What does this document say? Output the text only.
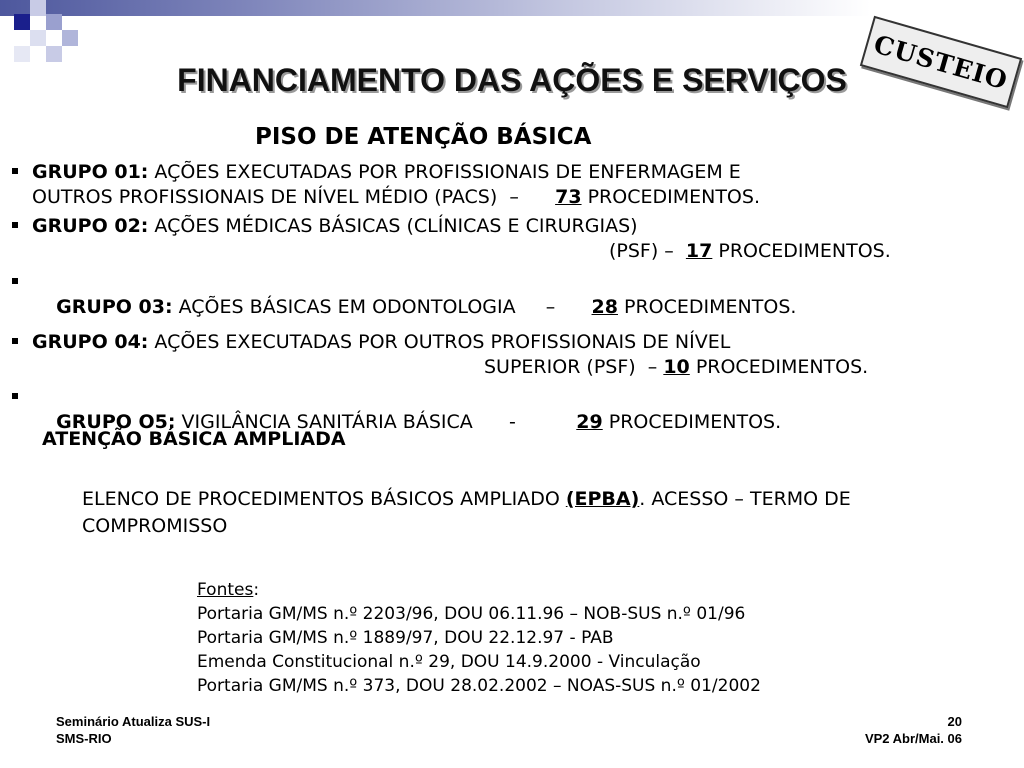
CUSTEIO
FINANCIAMENTO DAS AÇÕES E SERVIÇOS
PISO DE ATENÇÃO BÁSICA
GRUPO 01: AÇÕES EXECUTADAS POR PROFISSIONAIS DE ENFERMAGEM E
OUTROS PROFISSIONAIS DE NÍVEL MÉDIO (PACS)  –      73 PROCEDIMENTOS.
GRUPO 02: AÇÕES MÉDICAS BÁSICAS (CLÍNICAS E CIRURGIAS)
(PSF) –  17 PROCEDIMENTOS.

GRUPO 03: AÇÕES BÁSICAS EM ODONTOLOGIA     –      28 PROCEDIMENTOS.

GRUPO 04: AÇÕES EXECUTADAS POR OUTROS PROFISSIONAIS DE NÍVEL
SUPERIOR (PSF)  – 10 PROCEDIMENTOS.

GRUPO O5: VIGILÂNCIA SANITÁRIA BÁSICA      -          29 PROCEDIMENTOS.

ATENÇÃO BÁSICA AMPLIADA
ELENCO DE PROCEDIMENTOS BÁSICOS AMPLIADO (EPBA). ACESSO – TERMO DE COMPROMISSO
Fontes:
Portaria GM/MS n.º 2203/96, DOU 06.11.96 – NOB-SUS n.º 01/96
Portaria GM/MS n.º 1889/97, DOU 22.12.97 - PAB
Emenda Constitucional n.º 29, DOU 14.9.2000 - Vinculação
Portaria GM/MS n.º 373, DOU 28.02.2002 – NOAS-SUS n.º 01/2002
Seminário Atualiza SUS-I
SMS-RIO
20
VP2 Abr/Mai. 06
